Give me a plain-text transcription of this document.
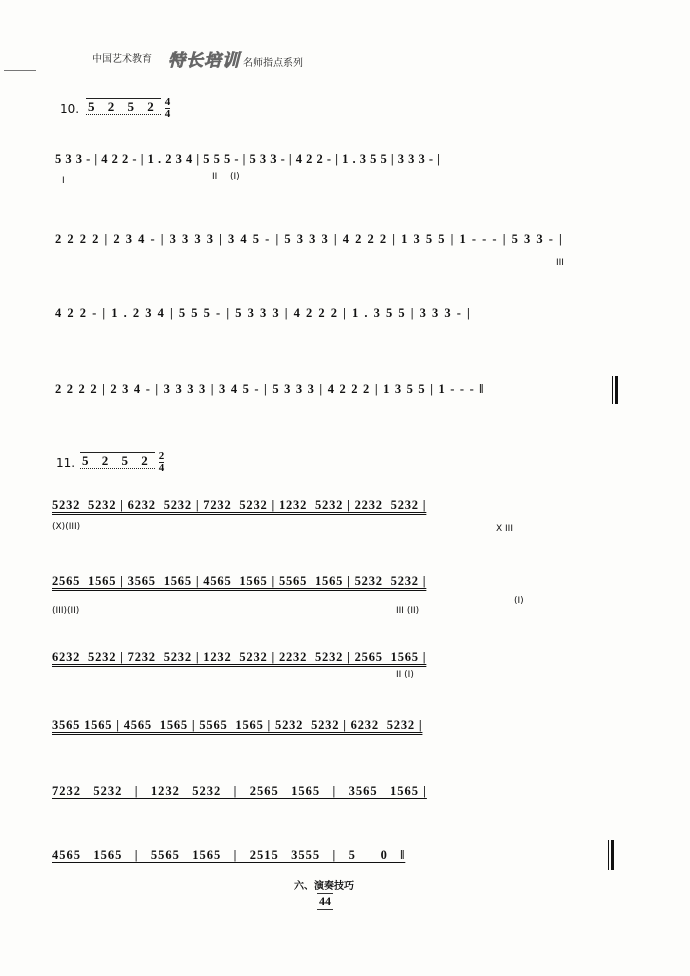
中国艺术教育 特长培训 名师指点系列
10. 5 2 5 $2 \frac{4}{4}$
5 3 3 - | 4 2 2 - | 1 . 2 3 4 | 5 5 5 - | 5 3 3 - | 4 2 2 - | 1 . 3 5 5 | 3 3 3 - |
I	II (I)
2 2 2 2 | 2 3 4 - | 3 3 3 3 | 3 4 5 - | 5 3 3 3 | 4 2 2 2 | 1 3 5 5 | 1 - - - | 5 3 3 - |
III
4 2 2 - | 1 . 2 3 4 | 5 5 5 - | 5 3 3 3 | 4 2 2 2 | 1 . 3 5 5 | 3 3 3 - |
2 2 2 2 | 2 3 4 - | 3 3 3 3 | 3 4 5 - | 5 3 3 3 | 4 2 2 2 | 1 3 5 5 | 1 - - - ‖
11. 5 2 5 $2 \frac{2}{4}$
5232  5232 | 6232  5232 | 7232  5232 | 1232  5232 | 2232  5232 |
(X)(III)	X III
2565  1565 | 3565  1565 | 4565  1565 | 5565  1565 | 5232  5232 |
(III)(II)	III (II)
(I)
6232  5232 | 7232  5232 | 1232  5232 | 2232  5232 | 2565  1565 |
II (I)
3565 1565 | 4565  1565 | 5565  1565 | 5232  5232 | 6232  5232 |
7232   5232   |   1232   5232   |   2565   1565   |   3565   1565 |
4565   1565   |   5565   1565   |   2515   3555   |   5      0   ‖
六、演奏技巧
44
